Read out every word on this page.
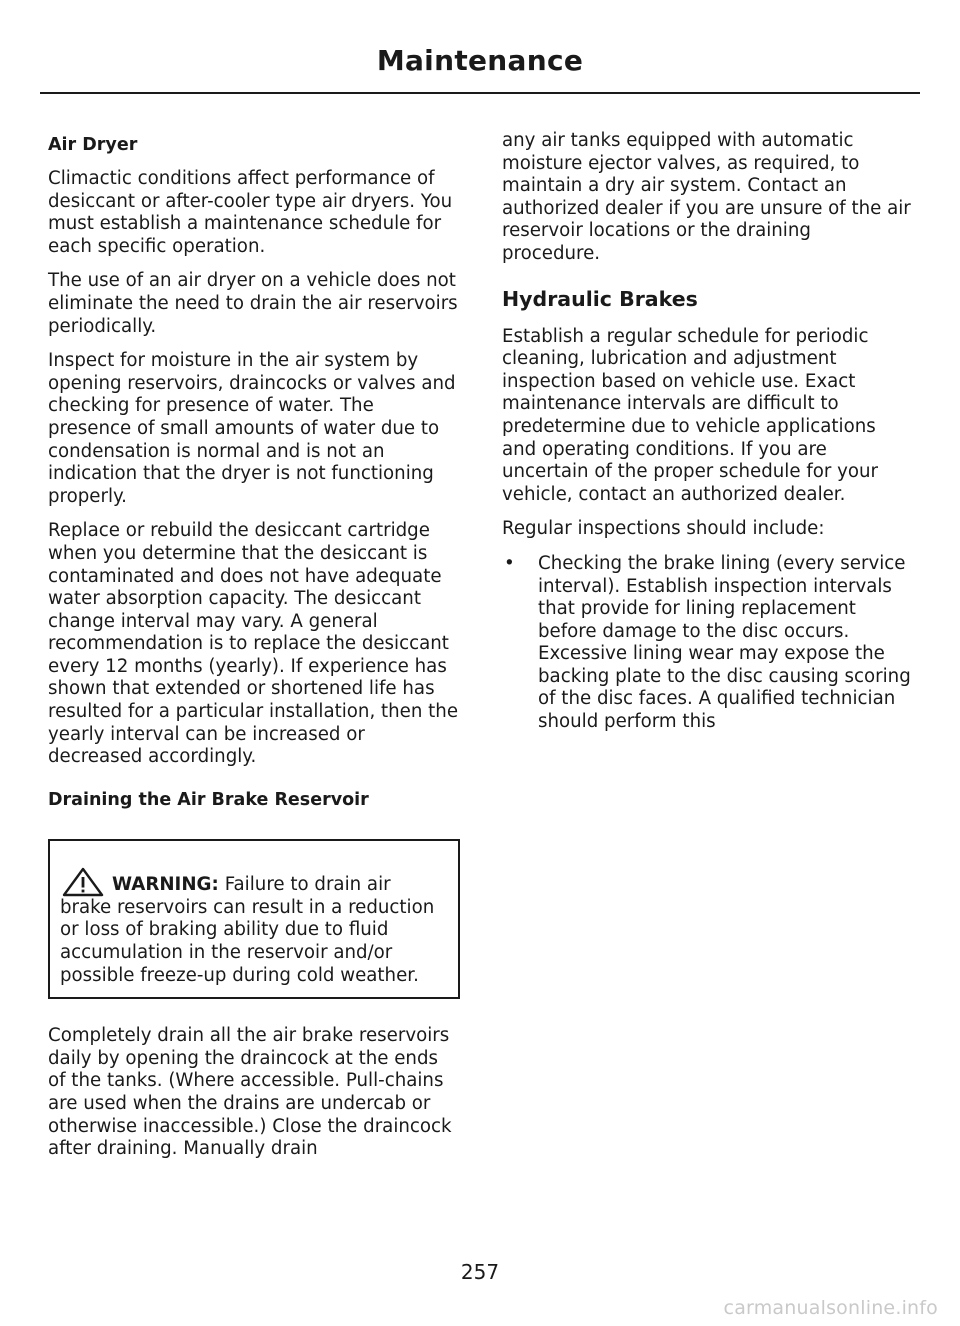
Maintenance
Air Dryer

Climactic conditions affect performance of desiccant or after-cooler type air dryers. You must establish a maintenance schedule for each specific operation.

The use of an air dryer on a vehicle does not eliminate the need to drain the air reservoirs periodically.

Inspect for moisture in the air system by opening reservoirs, draincocks or valves and checking for presence of water. The presence of small amounts of water due to condensation is normal and is not an indication that the dryer is not functioning properly.

Replace or rebuild the desiccant cartridge when you determine that the desiccant is contaminated and does not have adequate water absorption capacity. The desiccant change interval may vary. A general recommendation is to replace the desiccant every 12 months (yearly). If experience has shown that extended or shortened life has resulted for a particular installation, then the yearly interval can be increased or decreased accordingly.

Draining the Air Brake Reservoir
WARNING: Failure to drain air
brake reservoirs can result in a reduction or loss of braking ability due to fluid accumulation in the reservoir and/or possible freeze-up during cold weather.

Completely drain all the air brake reservoirs daily by opening the draincock at the ends of the tanks. (Where accessible. Pull-chains are used when the drains are undercab or otherwise inaccessible.) Close the draincock after draining. Manually drain

any air tanks equipped with automatic moisture ejector valves, as required, to maintain a dry air system. Contact an authorized dealer if you are unsure of the air reservoir locations or the draining procedure.

Hydraulic Brakes

Establish a regular schedule for periodic cleaning, lubrication and adjustment inspection based on vehicle use. Exact maintenance intervals are difficult to predetermine due to vehicle applications and operating conditions. If you are uncertain of the proper schedule for your vehicle, contact an authorized dealer.

Regular inspections should include:

• Checking the brake lining (every service interval). Establish inspection intervals that provide for lining replacement before damage to the disc occurs. Excessive lining wear may expose the backing plate to the disc causing scoring of the disc faces. A qualified technician should perform this
257
carmanualsonline.info
